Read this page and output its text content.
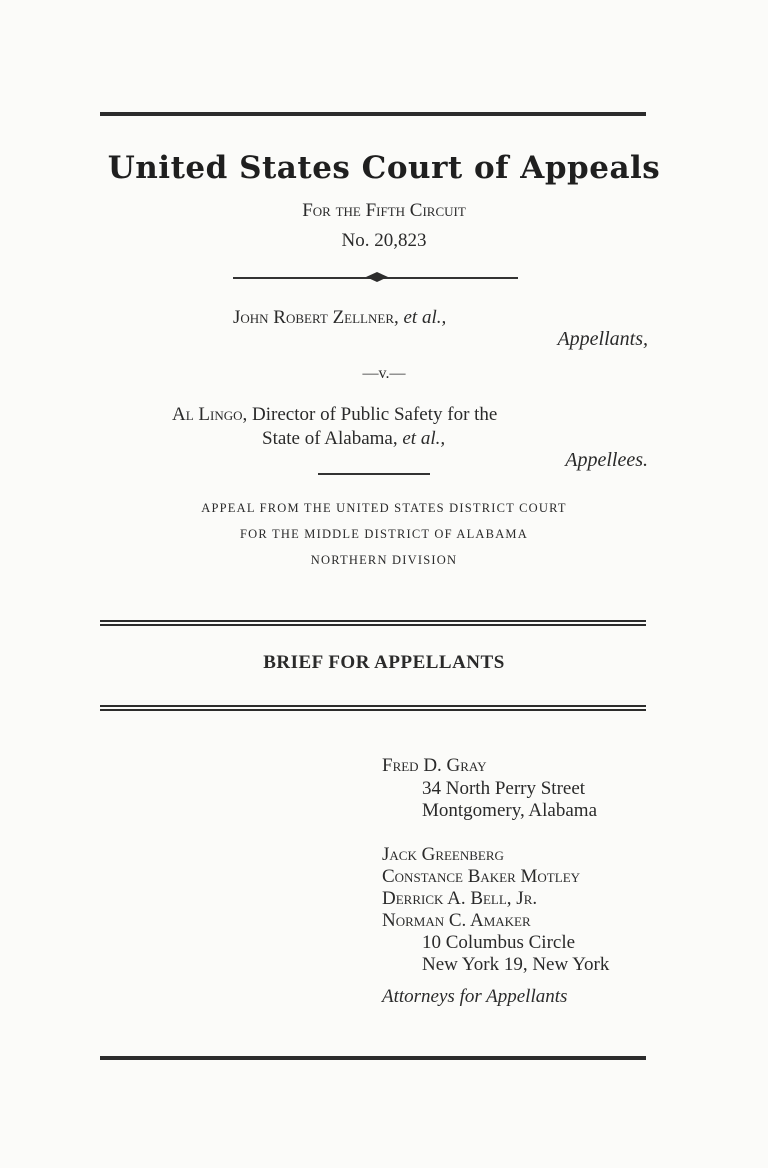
United States Court of Appeals
For the Fifth Circuit
No. 20,823
John Robert Zellner, et al.,
Appellants,
—v.—
Al Lingo, Director of Public Safety for the
State of Alabama, et al.,
Appellees.
APPEAL FROM THE UNITED STATES DISTRICT COURT
FOR THE MIDDLE DISTRICT OF ALABAMA
NORTHERN DIVISION
BRIEF FOR APPELLANTS
Fred D. Gray
34 North Perry Street
Montgomery, Alabama
Jack Greenberg
Constance Baker Motley
Derrick A. Bell, Jr.
Norman C. Amaker
10 Columbus Circle
New York 19, New York
Attorneys for Appellants
